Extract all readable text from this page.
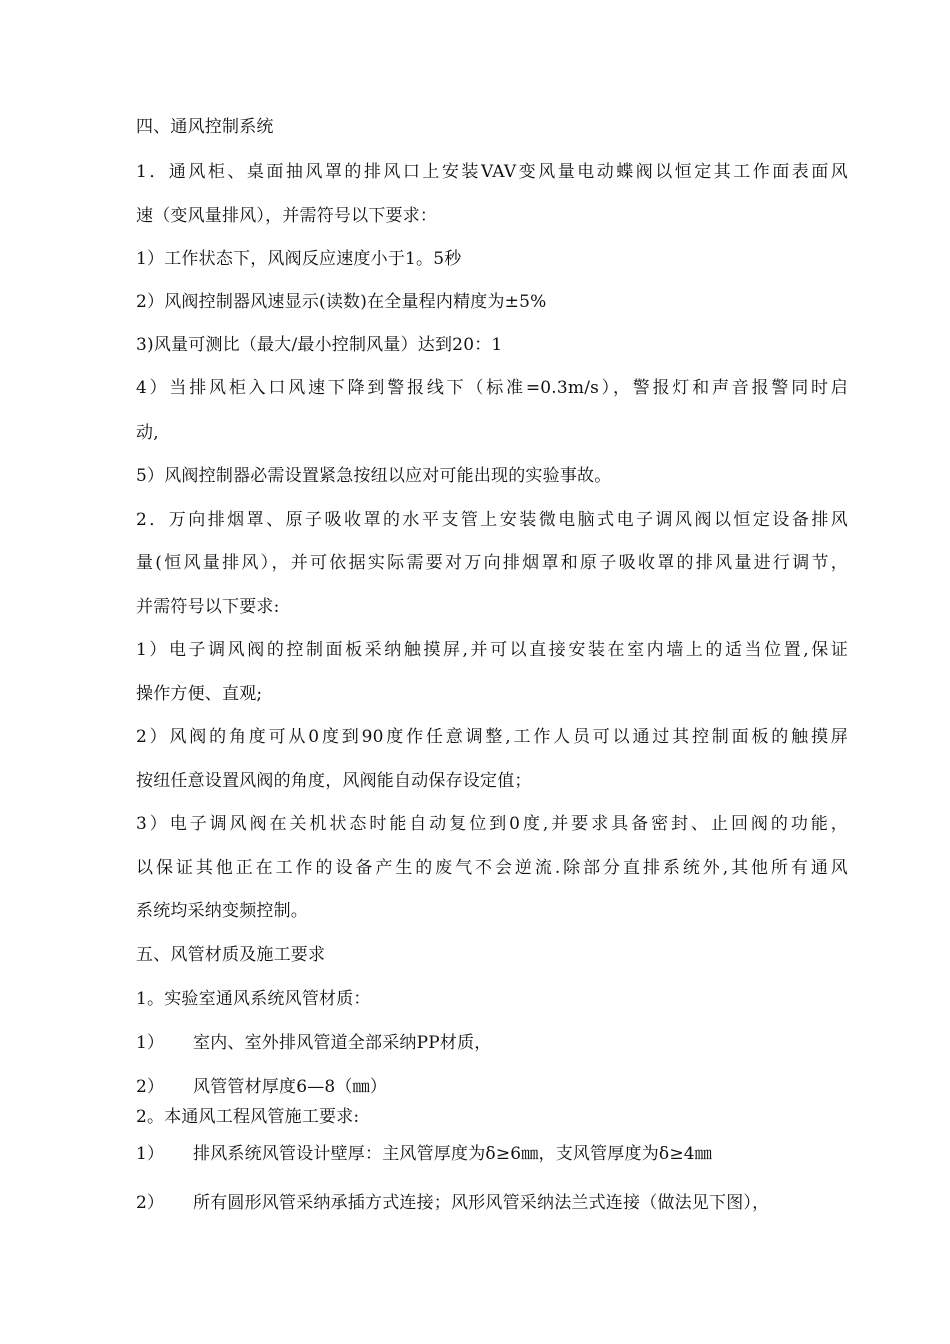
四、通风控制系统
1．通风柜、桌面抽风罩的排风口上安装VAV变风量电动蝶阀以恒定其工作面表面风
速（变风量排风），并需符号以下要求：
1）工作状态下，风阀反应速度小于1。5秒
2）风阀控制器风速显示(读数)在全量程内精度为±5%
3)风量可测比（最大/最小控制风量）达到20：1
4）当排风柜入口风速下降到警报线下（标准=0.3m/s），警报灯和声音报警同时启
动,
5）风阀控制器必需设置紧急按纽以应对可能出现的实验事故。
2．万向排烟罩、原子吸收罩的水平支管上安装微电脑式电子调风阀以恒定设备排风
量(恒风量排风），并可依据实际需要对万向排烟罩和原子吸收罩的排风量进行调节，
并需符号以下要求:
1）电子调风阀的控制面板采纳触摸屏,并可以直接安装在室内墙上的适当位置,保证
操作方便、直观;
2）风阀的角度可从0度到90度作任意调整,工作人员可以通过其控制面板的触摸屏
按纽任意设置风阀的角度，风阀能自动保存设定值；
3）电子调风阀在关机状态时能自动复位到0度,并要求具备密封、止回阀的功能，
以保证其他正在工作的设备产生的废气不会逆流.除部分直排系统外,其他所有通风
系统均采纳变频控制。
五、风管材质及施工要求
1。实验室通风系统风管材质：
1） 室内、室外排风管道全部采纳PP材质，
2） 风管管材厚度6—8（㎜）
2。本通风工程风管施工要求:
1） 排风系统风管设计壁厚：主风管厚度为δ≥6㎜，支风管厚度为δ≥4㎜
2） 所有圆形风管采纳承插方式连接；风形风管采纳法兰式连接（做法见下图），
